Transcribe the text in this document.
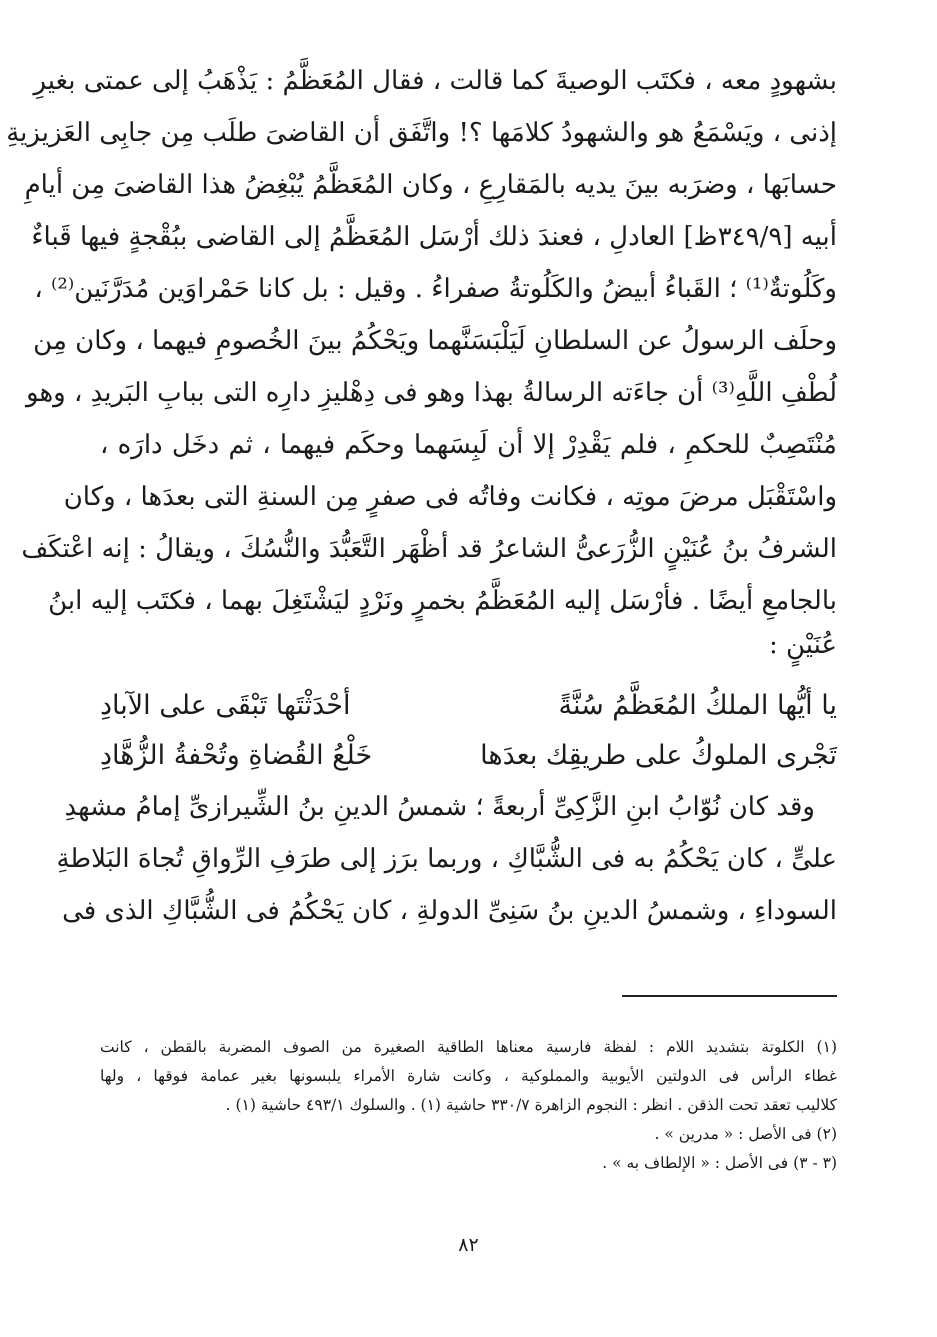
بشهودٍ معه ، فكتَب الوصيةَ كما قالت ، فقال المُعَظَّمُ : يَذْهَبُ إلى عمتى بغيرِ
إذنى ، ويَسْمَعُ هو والشهودُ كلامَها ؟! واتَّفَق أن القاضىَ طلَب مِن جابِى العَزيزيةِ
حسابَها ، وضرَبه بينَ يديه بالمَقارِعِ ، وكان المُعَظَّمُ يُبْغِضُ هذا القاضىَ مِن أيامِ
أبيه [٣٤٩/٩ظ] العادلِ ، فعندَ ذلك أرْسَل المُعَظَّمُ إلى القاضى ببُقْجةٍ فيها قَباءٌ
وكَلُوتةٌ⁽¹⁾ ؛ القَباءُ أبيضُ والكَلُوتةُ صفراءُ . وقيل : بل كانا حَمْراوَين مُدَرَّنَين⁽²⁾ ،
وحلَف الرسولُ عن السلطانِ لَيَلْبَسَنَّهما ويَحْكُمُ بينَ الخُصومِ فيهما ، وكان مِن
لُطْفِ اللَّهِ⁽³⁾ أن جاءَته الرسالةُ بهذا وهو فى دِهْليزِ دارِه التى ببابِ البَريدِ ، وهو
مُنْتَصِبٌ للحكمِ ، فلم يَقْدِرْ إلا أن لَبِسَهما وحكَم فيهما ، ثم دخَل دارَه ،
واسْتَقْبَل مرضَ موتِه ، فكانت وفاتُه فى صفرٍ مِن السنةِ التى بعدَها ، وكان
الشرفُ بنُ عُنَيْنٍ الزُّرَعىُّ الشاعرُ قد أظْهَر التَّعَبُّدَ والنُّسُكَ ، ويقالُ : إنه اعْتكَف
بالجامعِ أيضًا . فأرْسَل إليه المُعَظَّمُ بخمرٍ ونَرْدٍ ليَشْتَغِلَ بهما ، فكتَب إليه ابنُ
عُنَيْنٍ :
يا أيُّها الملكُ المُعَظَّمُ سُنَّةً
أحْدَثْتَها تَبْقَى على الآبادِ
تَجْرى الملوكُ على طريقِك بعدَها
خَلْعُ القُضاةِ وتُحْفةُ الزُّهَّادِ
وقد كان نُوّابُ ابنِ الزَّكِىِّ أربعةً ؛ شمسُ الدينِ بنُ الشِّيرازىِّ إمامُ مشهدِ
علىٍّ ، كان يَحْكُمُ به فى الشُّبَّاكِ ، وربما برَز إلى طرَفِ الرِّواقِ تُجاهَ البَلاطةِ
السوداءِ ، وشمسُ الدينِ بنُ سَنِىِّ الدولةِ ، كان يَحْكُمُ فى الشُّبَّاكِ الذى فى
(١) الكلوتة بتشديد اللام : لفظة فارسية معناها الطاقية الصغيرة من الصوف المضربة بالقطن ، كانت
غطاء الرأس فى الدولتين الأيوبية والمملوكية ، وكانت شارة الأمراء يلبسونها بغير عمامة فوقها ، ولها
كلاليب تعقد تحت الذقن . انظر : النجوم الزاهرة ٣٣٠/٧ حاشية (١) . والسلوك ٤٩٣/١ حاشية (١) .
(٢) فى الأصل : « مدرين » .
(٣ - ٣) فى الأصل : « الإلطاف به » .
٨٢
